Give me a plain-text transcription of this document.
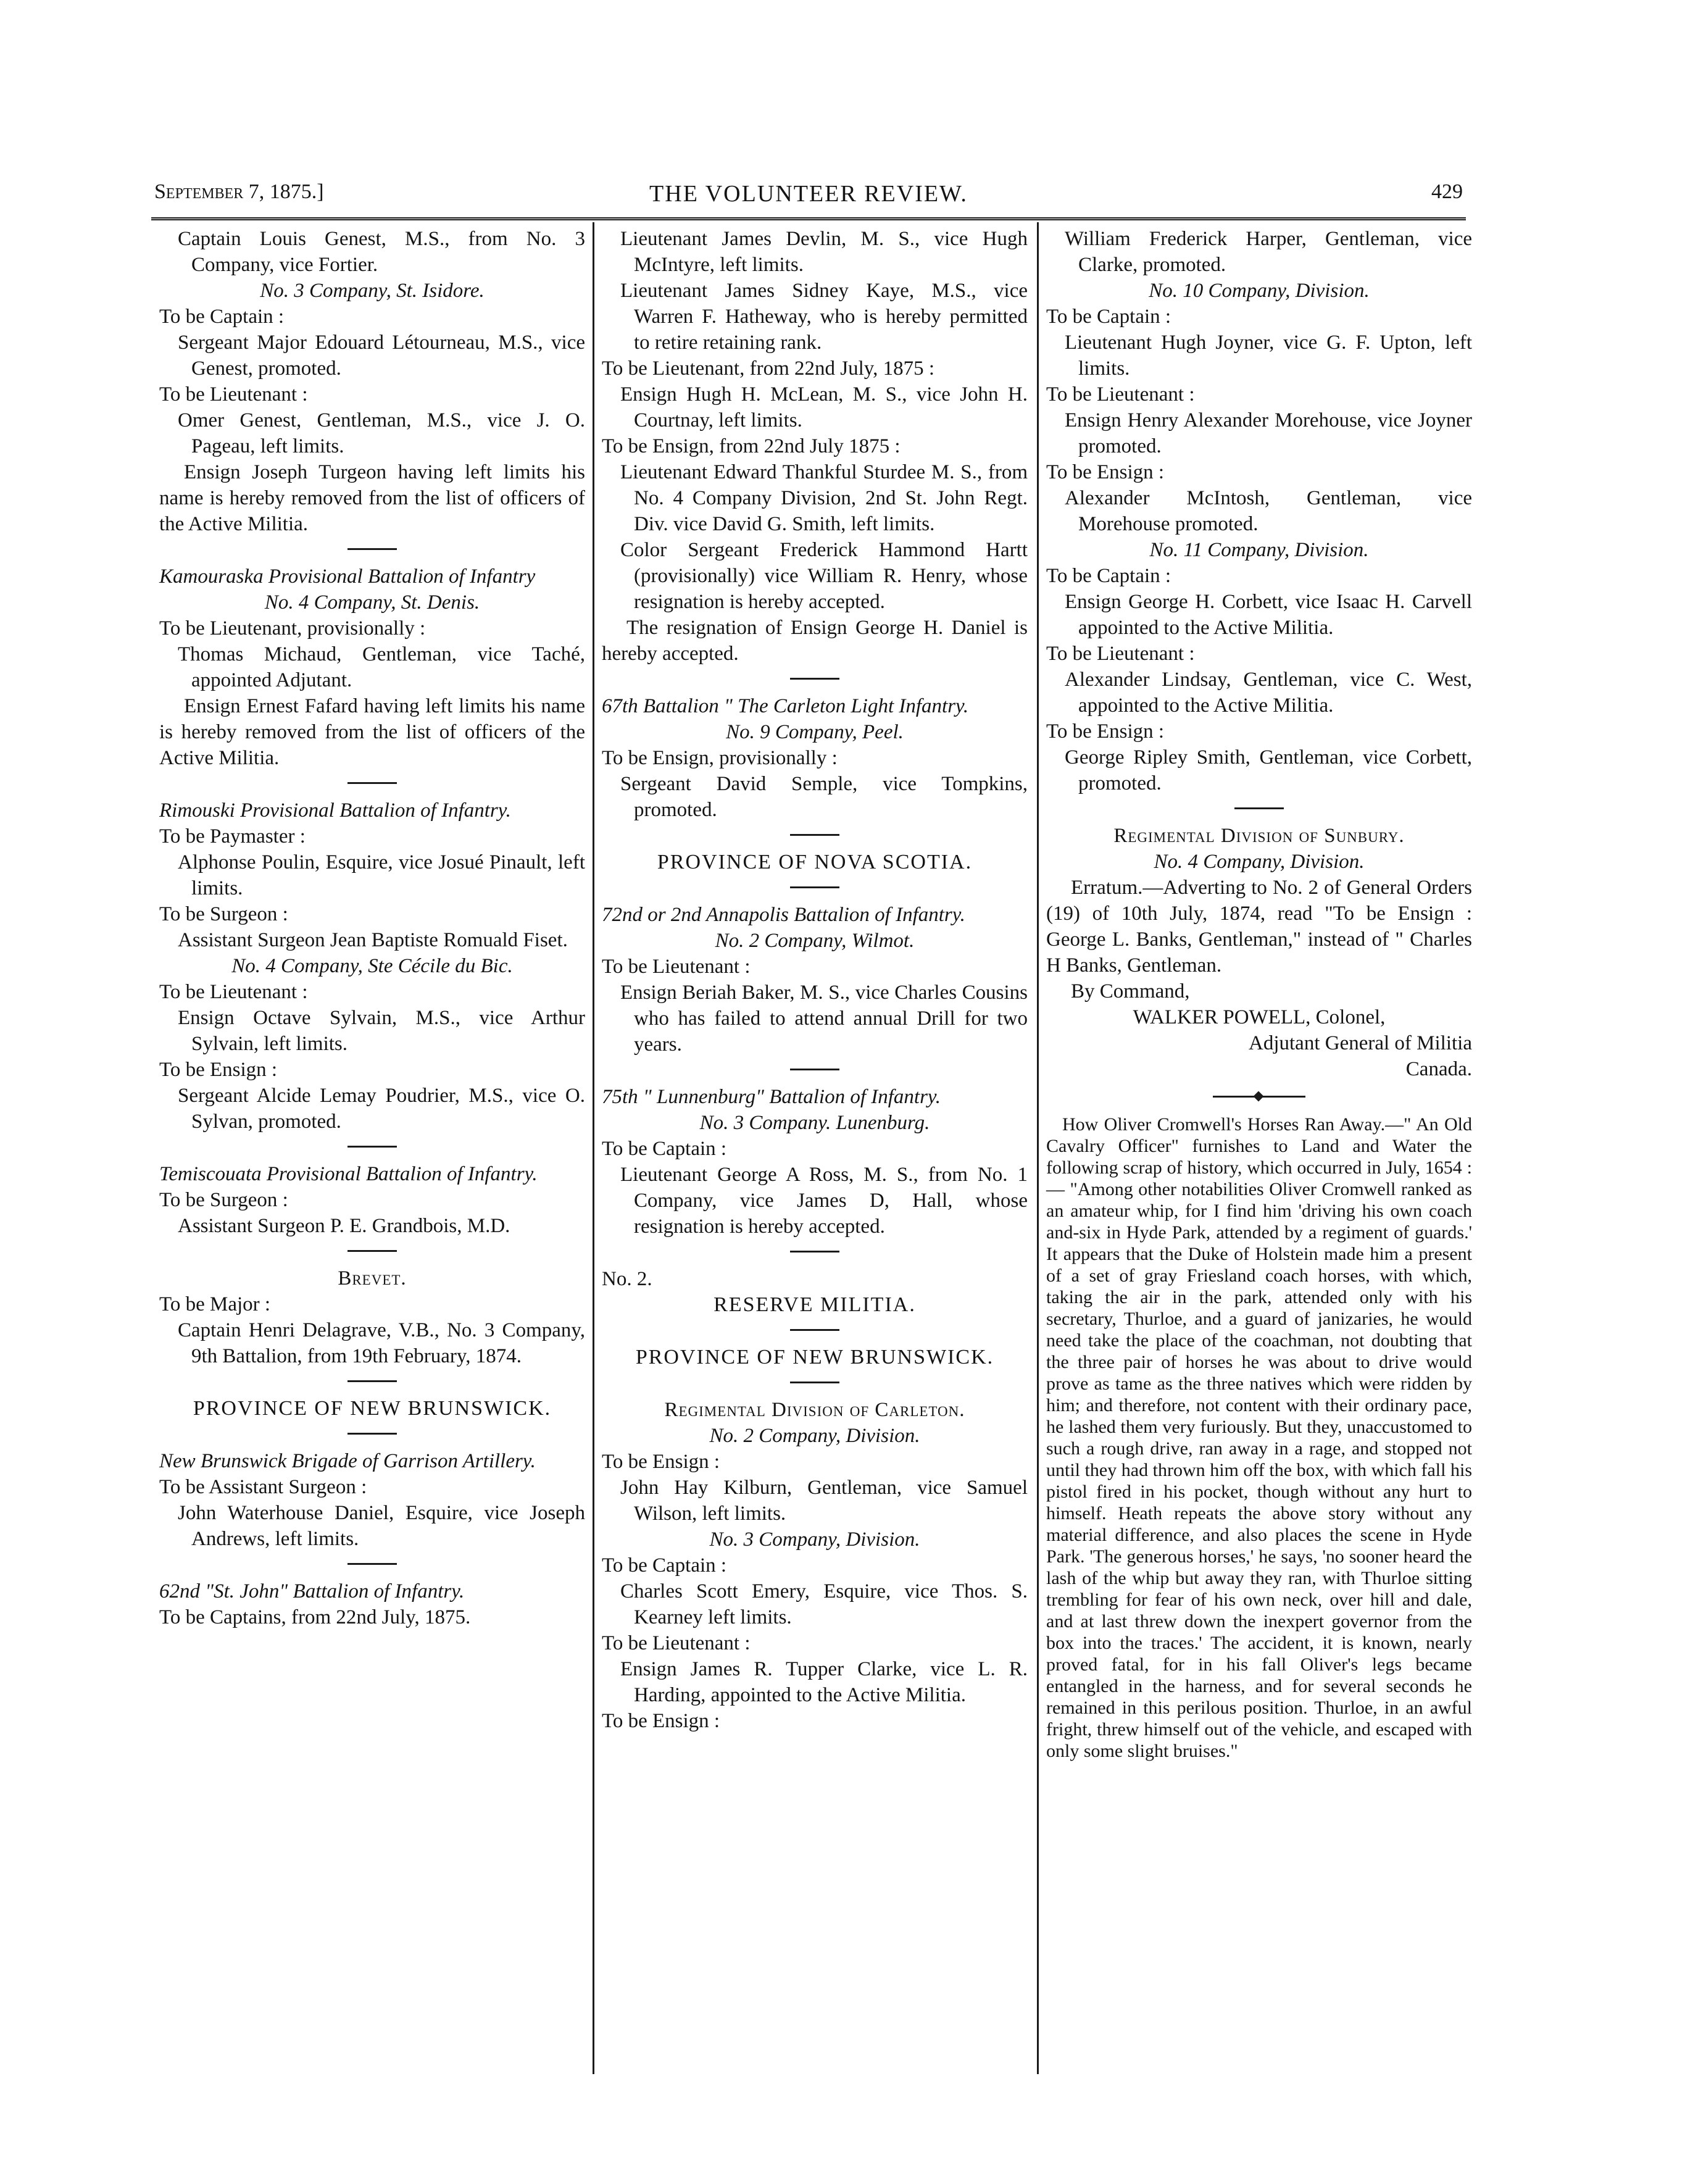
September 7, 1875.]	THE VOLUNTEER REVIEW.	429

Captain Louis Genest, M.S., from No. 3 Company, vice Fortier.

No. 3 Company, St. Isidore.

To be Captain :

Sergeant Major Edouard Létourneau, M.S., vice Genest, promoted.

To be Lieutenant :

Omer Genest, Gentleman, M.S., vice J. O. Pageau, left limits.

Ensign Joseph Turgeon having left limits his name is hereby removed from the list of officers of the Active Militia.

Kamouraska Provisional Battalion of Infantry

No. 4 Company, St. Denis.

To be Lieutenant, provisionally :

Thomas Michaud, Gentleman, vice Taché, appointed Adjutant.

Ensign Ernest Fafard having left limits his name is hereby removed from the list of officers of the Active Militia.

Rimouski Provisional Battalion of Infantry.

To be Paymaster :

Alphonse Poulin, Esquire, vice Josué Pinault, left limits.

To be Surgeon :

Assistant Surgeon Jean Baptiste Romuald Fiset.

No. 4 Company, Ste Cécile du Bic.

To be Lieutenant :

Ensign Octave Sylvain, M.S., vice Arthur Sylvain, left limits.

To be Ensign :

Sergeant Alcide Lemay Poudrier, M.S., vice O. Sylvan, promoted.

Temiscouata Provisional Battalion of Infantry.

To be Surgeon :

Assistant Surgeon P. E. Grandbois, M.D.

Brevet.

To be Major :

Captain Henri Delagrave, V.B., No. 3 Company, 9th Battalion, from 19th February, 1874.

PROVINCE OF NEW BRUNSWICK.

New Brunswick Brigade of Garrison Artillery.

To be Assistant Surgeon :

John Waterhouse Daniel, Esquire, vice Joseph Andrews, left limits.

62nd "St. John" Battalion of Infantry.

To be Captains, from 22nd July, 1875.

Lieutenant James Devlin, M. S., vice Hugh McIntyre, left limits.

Lieutenant James Sidney Kaye, M.S., vice Warren F. Hatheway, who is hereby permitted to retire retaining rank.

To be Lieutenant, from 22nd July, 1875 :

Ensign Hugh H. McLean, M. S., vice John H. Courtnay, left limits.

To be Ensign, from 22nd July 1875 :

Lieutenant Edward Thankful Sturdee M. S., from No. 4 Company Division, 2nd St. John Regt. Div. vice David G. Smith, left limits.

Color Sergeant Frederick Hammond Hartt (provisionally) vice William R. Henry, whose resignation is hereby accepted.

The resignation of Ensign George H. Daniel is hereby accepted.

67th Battalion " The Carleton Light Infantry.

No. 9 Company, Peel.

To be Ensign, provisionally :

Sergeant David Semple, vice Tompkins, promoted.

PROVINCE OF NOVA SCOTIA.

72nd or 2nd Annapolis Battalion of Infantry.

No. 2 Company, Wilmot.

To be Lieutenant :

Ensign Beriah Baker, M. S., vice Charles Cousins who has failed to attend annual Drill for two years.

75th " Lunnenburg" Battalion of Infantry.

No. 3 Company. Lunenburg.

To be Captain :

Lieutenant George A Ross, M. S., from No. 1 Company, vice James D, Hall, whose resignation is hereby accepted.

No. 2.

RESERVE MILITIA.

PROVINCE OF NEW BRUNSWICK.

Regimental Division of Carleton.

No. 2 Company, Division.

To be Ensign :

John Hay Kilburn, Gentleman, vice Samuel Wilson, left limits.

No. 3 Company, Division.

To be Captain :

Charles Scott Emery, Esquire, vice Thos. S. Kearney left limits.

To be Lieutenant :

Ensign James R. Tupper Clarke, vice L. R. Harding, appointed to the Active Militia.

To be Ensign :

William Frederick Harper, Gentleman, vice Clarke, promoted.

No. 10 Company, Division.

To be Captain :

Lieutenant Hugh Joyner, vice G. F. Upton, left limits.

To be Lieutenant :

Ensign Henry Alexander Morehouse, vice Joyner promoted.

To be Ensign :

Alexander McIntosh, Gentleman, vice Morehouse promoted.

No. 11 Company, Division.

To be Captain :

Ensign George H. Corbett, vice Isaac H. Carvell appointed to the Active Militia.

To be Lieutenant :

Alexander Lindsay, Gentleman, vice C. West, appointed to the Active Militia.

To be Ensign :

George Ripley Smith, Gentleman, vice Corbett, promoted.

Regimental Division of Sunbury.

No. 4 Company, Division.

Erratum.—Adverting to No. 2 of General Orders (19) of 10th July, 1874, read "To be Ensign : George L. Banks, Gentleman," instead of " Charles H Banks, Gentleman.

By Command,

WALKER POWELL, Colonel,

Adjutant General of Militia

Canada.

How Oliver Cromwell's Horses Ran Away.—" An Old Cavalry Officer" furnishes to Land and Water the following scrap of history, which occurred in July, 1654 :— "Among other notabilities Oliver Cromwell ranked as an amateur whip, for I find him 'driving his own coach and-six in Hyde Park, attended by a regiment of guards.' It appears that the Duke of Holstein made him a present of a set of gray Friesland coach horses, with which, taking the air in the park, attended only with his secretary, Thurloe, and a guard of janizaries, he would need take the place of the coachman, not doubting that the three pair of horses he was about to drive would prove as tame as the three natives which were ridden by him; and therefore, not content with their ordinary pace, he lashed them very furiously. But they, unaccustomed to such a rough drive, ran away in a rage, and stopped not until they had thrown him off the box, with which fall his pistol fired in his pocket, though without any hurt to himself. Heath repeats the above story without any material difference, and also places the scene in Hyde Park. 'The generous horses,' he says, 'no sooner heard the lash of the whip but away they ran, with Thurloe sitting trembling for fear of his own neck, over hill and dale, and at last threw down the inexpert governor from the box into the traces.' The accident, it is known, nearly proved fatal, for in his fall Oliver's legs became entangled in the harness, and for several seconds he remained in this perilous position. Thurloe, in an awful fright, threw himself out of the vehicle, and escaped with only some slight bruises."
